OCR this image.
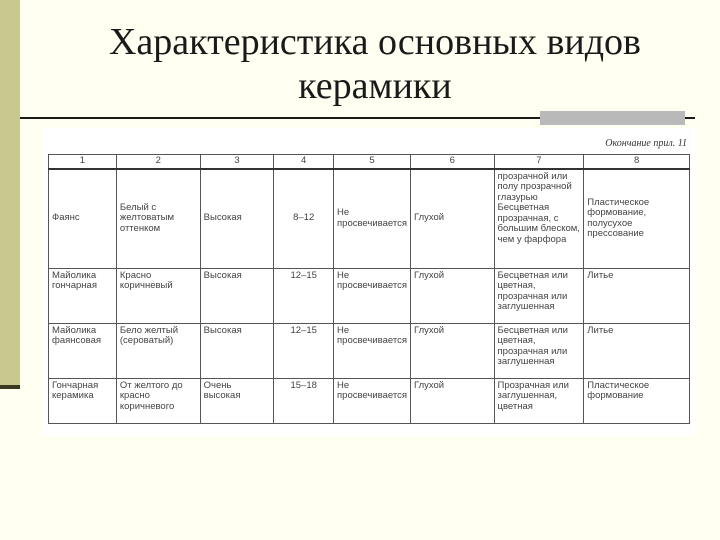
Характеристика основных видов керамики
Окончание прил. 11
1	2	3	4	5	6	7	8
Фаянс	Белый с желтоватым оттенком	Высокая	8–12	Не просвечивается	Глухой	прозрачной или полу прозрачной глазурью Бесцветная прозрачная, с большим блеском, чем у фарфора	Пластическое формование, полусухое прессование
Майолика гончарная	Красно коричневый	Высокая	12–15	Не просвечивается	Глухой	Бесцветная или цветная, прозрачная или заглушенная	Литье
Майолика фаянсовая	Бело желтый (сероватый)	Высокая	12–15	Не просвечивается	Глухой	Бесцветная или цветная, прозрачная или заглушенная	Литье
Гончарная керамика	От желтого до красно коричневого	Очень высокая	15–18	Не просвечивается	Глухой	Прозрачная или заглушенная, цветная	Пластическое формование
